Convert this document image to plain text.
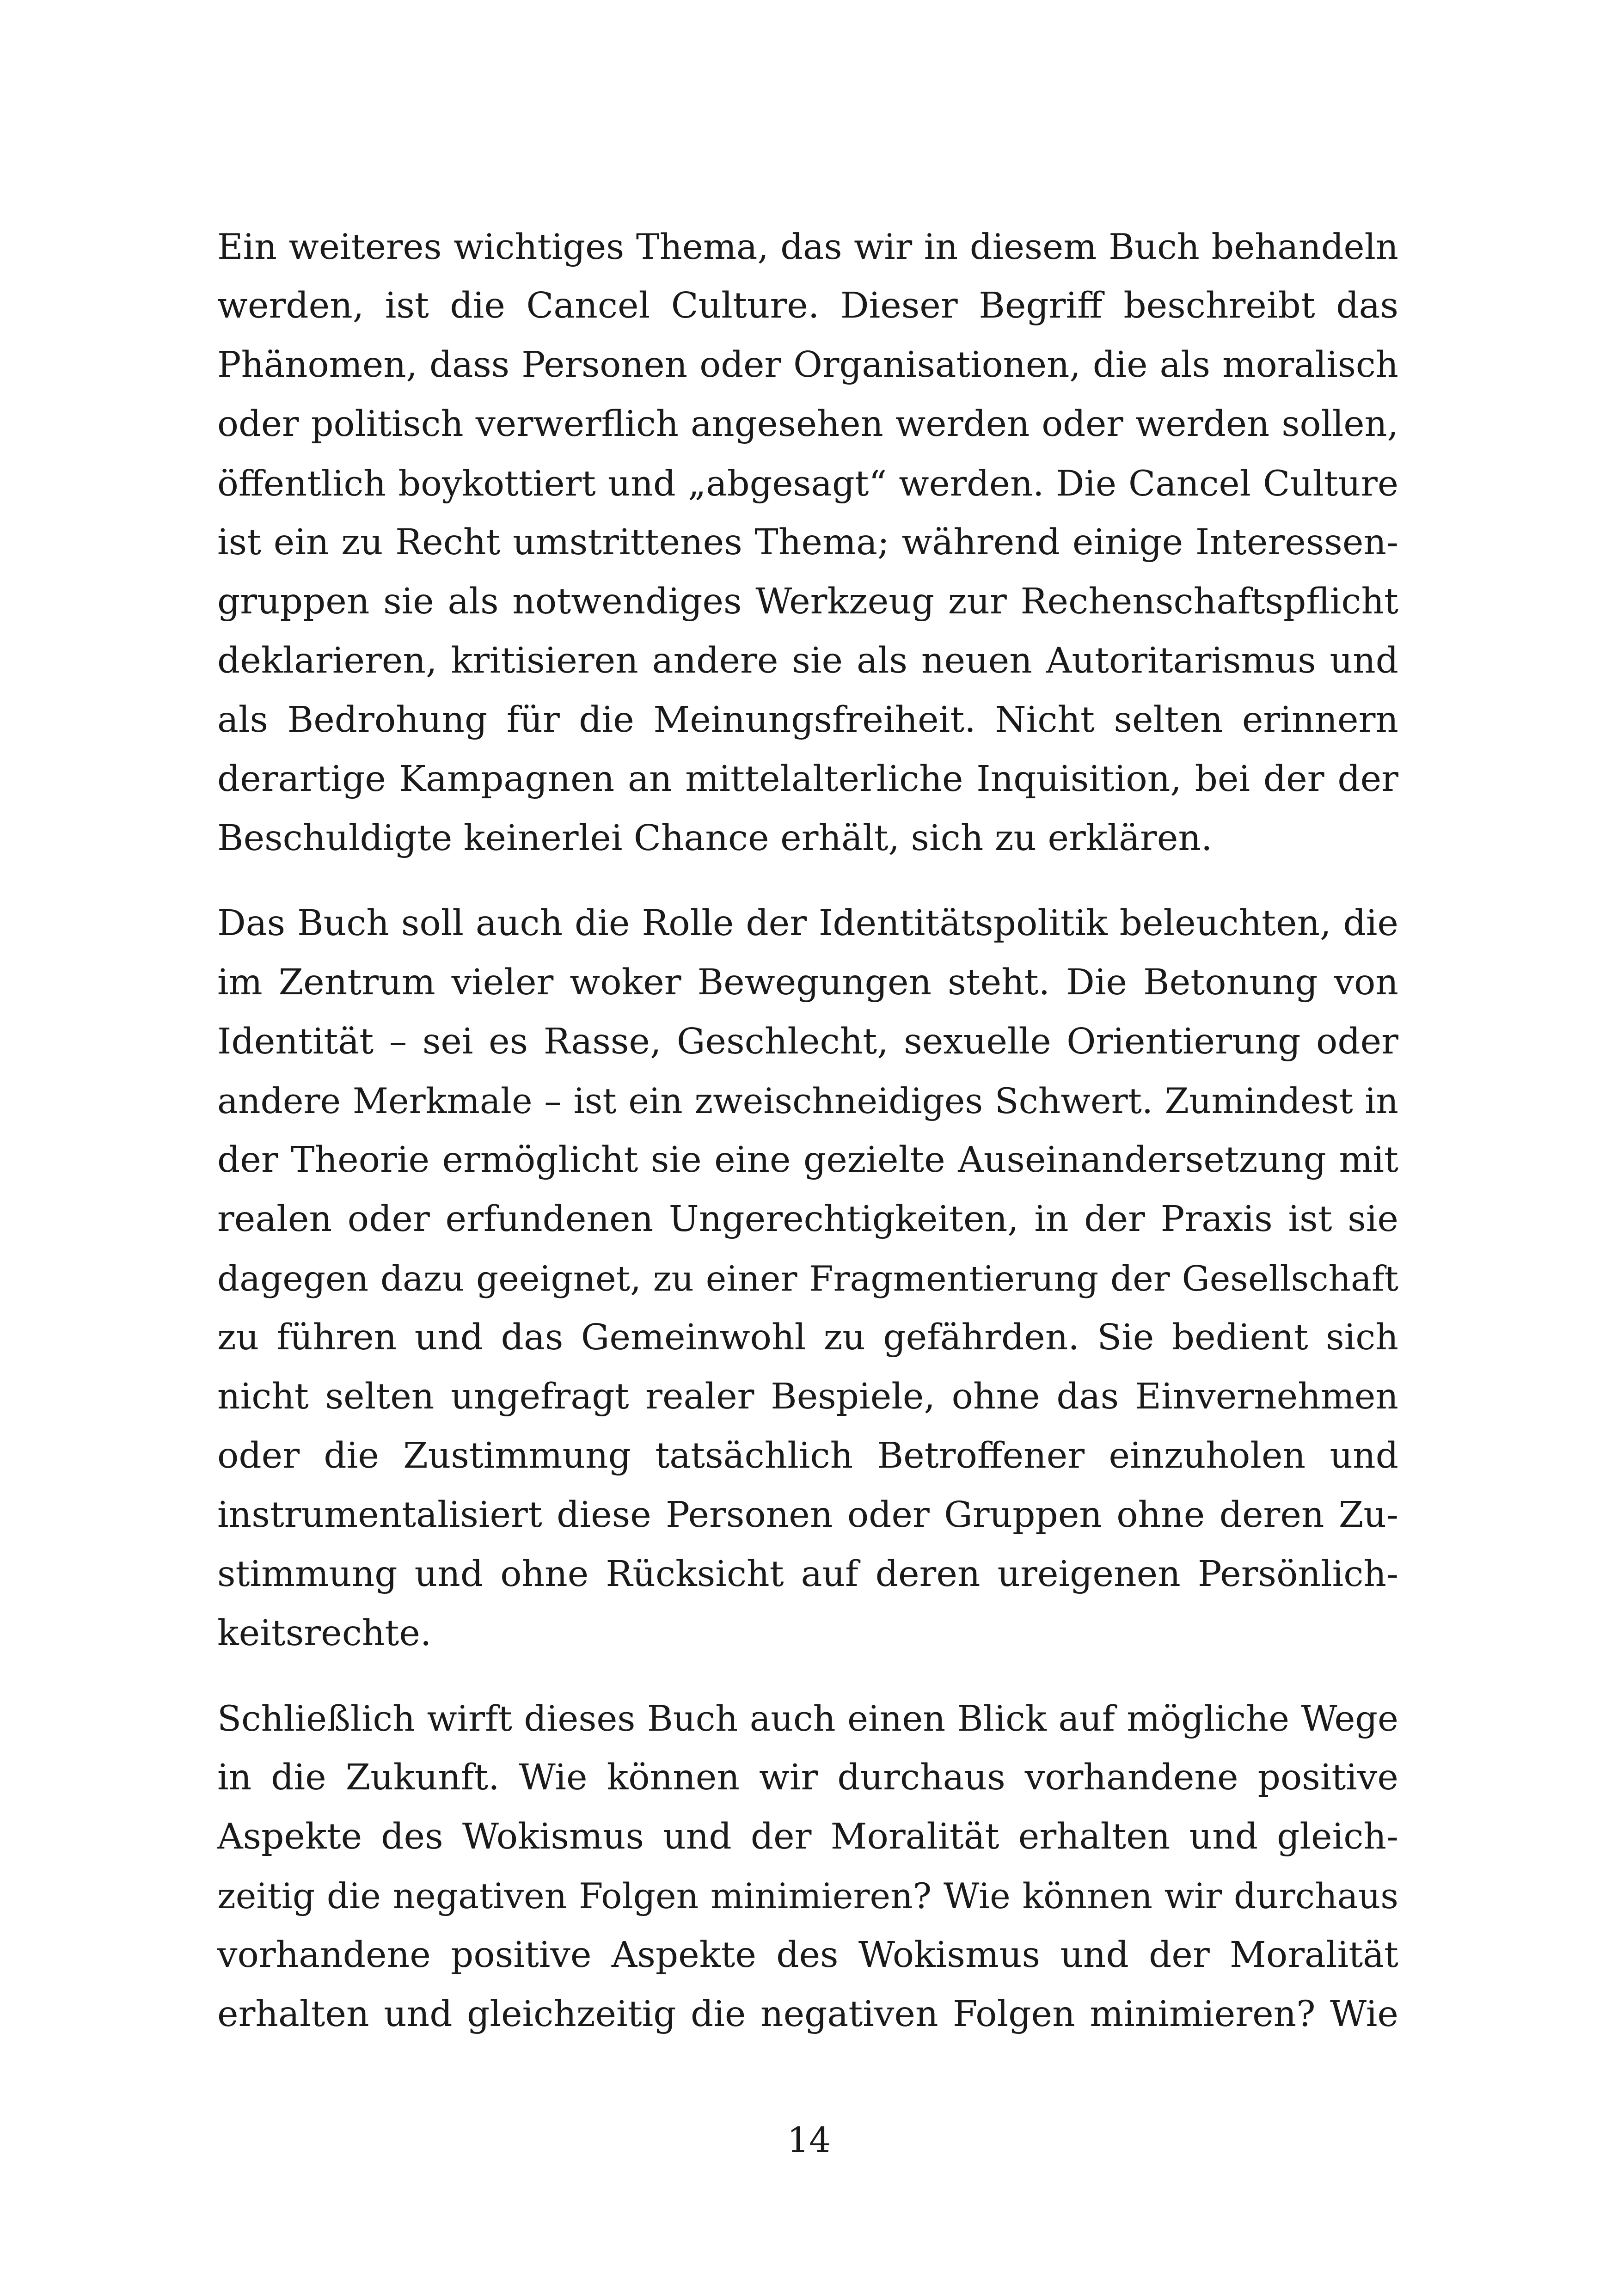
Ein weiteres wichtiges Thema, das wir in diesem Buch behandeln
werden, ist die Cancel Culture. Dieser Begriff beschreibt das
Phänomen, dass Personen oder Organisationen, die als moralisch
oder politisch verwerflich angesehen werden oder werden sollen,
öffentlich boykottiert und „abgesagt“ werden. Die Cancel Culture
ist ein zu Recht umstrittenes Thema; während einige Interessen-
gruppen sie als notwendiges Werkzeug zur Rechenschaftspflicht
deklarieren, kritisieren andere sie als neuen Autoritarismus und
als Bedrohung für die Meinungsfreiheit. Nicht selten erinnern
derartige Kampagnen an mittelalterliche Inquisition, bei der der
Beschuldigte keinerlei Chance erhält, sich zu erklären.
Das Buch soll auch die Rolle der Identitätspolitik beleuchten, die
im Zentrum vieler woker Bewegungen steht. Die Betonung von
Identität – sei es Rasse, Geschlecht, sexuelle Orientierung oder
andere Merkmale – ist ein zweischneidiges Schwert. Zumindest in
der Theorie ermöglicht sie eine gezielte Auseinandersetzung mit
realen oder erfundenen Ungerechtigkeiten, in der Praxis ist sie
dagegen dazu geeignet, zu einer Fragmentierung der Gesellschaft
zu führen und das Gemeinwohl zu gefährden. Sie bedient sich
nicht selten ungefragt realer Bespiele, ohne das Einvernehmen
oder die Zustimmung tatsächlich Betroffener einzuholen und
instrumentalisiert diese Personen oder Gruppen ohne deren Zu-
stimmung und ohne Rücksicht auf deren ureigenen Persönlich-
keitsrechte.
Schließlich wirft dieses Buch auch einen Blick auf mögliche Wege
in die Zukunft. Wie können wir durchaus vorhandene positive
Aspekte des Wokismus und der Moralität erhalten und gleich-
zeitig die negativen Folgen minimieren? Wie können wir durchaus
vorhandene positive Aspekte des Wokismus und der Moralität
erhalten und gleichzeitig die negativen Folgen minimieren? Wie
14
